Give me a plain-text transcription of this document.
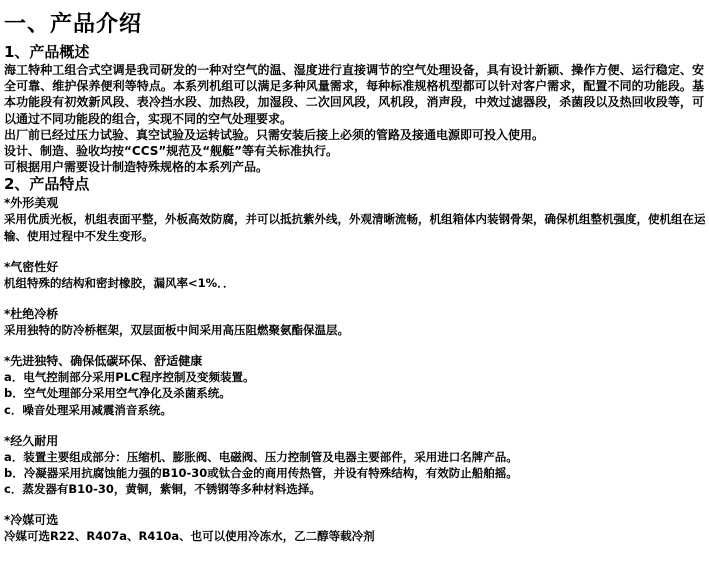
一、产品介绍
1、产品概述
海工特种工组合式空调是我司研发的一种对空气的温、湿度进行直接调节的空气处理设备，具有设计新颖、操作方便、运行稳定、安全可靠、维护保养便利等特点。本系列机组可以满足多种风量需求，每种标准规格机型都可以针对客户需求，配置不同的功能段。基本功能段有初效新风段、表冷挡水段、加热段，加湿段、二次回风段，风机段，消声段，中效过滤器段，杀菌段以及热回收段等，可以通过不同功能段的组合，实现不同的空气处理要求。
出厂前已经过压力试验、真空试验及运转试验。只需安装后接上必须的管路及接通电源即可投入使用。
设计、制造、验收均按“CCS”规范及“舰艇”等有关标准执行。
可根据用户需要设计制造特殊规格的本系列产品。
2、产品特点
*外形美观
采用优质光板，机组表面平整，外板高效防腐，并可以抵抗紫外线，外观清晰流畅，机组箱体内装钢骨架，确保机组整机强度，使机组在运输、使用过程中不发生变形。
*气密性好
机组特殊的结构和密封橡胶，漏风率<1%．．
*杜绝冷桥
采用独特的防冷桥框架，双层面板中间采用高压阻燃聚氨酯保温层。
*先进独特、确保低碳环保、舒适健康
a．电气控制部分采用PLC程序控制及变频装置。
b．空气处理部分采用空气净化及杀菌系统。
c．噪音处理采用减震消音系统。
*经久耐用
a．装置主要组成部分：压缩机、膨胀阀、电磁阀、压力控制管及电器主要部件，采用进口名牌产品。
b．冷凝器采用抗腐蚀能力强的B10-30或钛合金的商用传热管，并设有特殊结构，有效防止船舶摇。
c．蒸发器有B10-30，黄铜，紫铜，不锈钢等多种材料选择。
*冷媒可选
冷媒可选R22、R407a、R410a、也可以使用冷冻水，乙二醇等载冷剂
